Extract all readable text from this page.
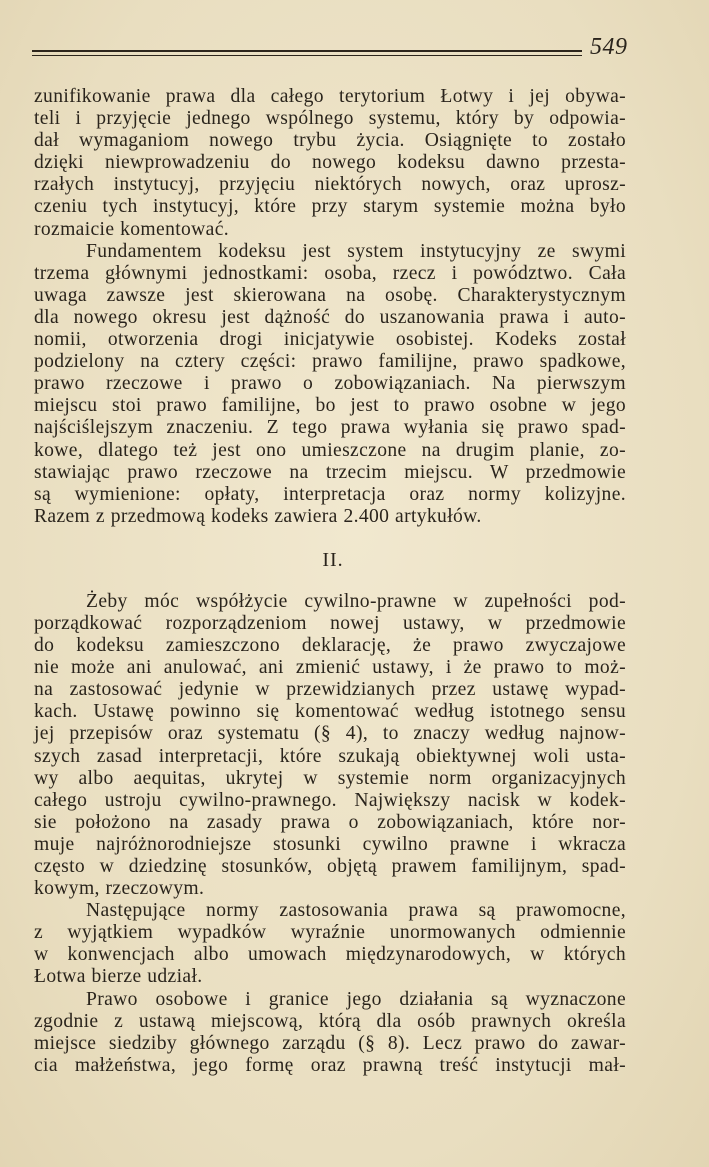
549
zunifikowanie prawa dla całego terytorium Łotwy i jej obywa-
teli i przyjęcie jednego wspólnego systemu, który by odpowia-
dał wymaganiom nowego trybu życia. Osiągnięte to zostało
dzięki niewprowadzeniu do nowego kodeksu dawno przesta-
rzałych instytucyj, przyjęciu niektórych nowych, oraz uprosz-
czeniu tych instytucyj, które przy starym systemie można było
rozmaicie komentować.
Fundamentem kodeksu jest system instytucyjny ze swymi
trzema głównymi jednostkami: osoba, rzecz i powództwo. Cała
uwaga zawsze jest skierowana na osobę. Charakterystycznym
dla nowego okresu jest dążność do uszanowania prawa i auto-
nomii, otworzenia drogi inicjatywie osobistej. Kodeks został
podzielony na cztery części: prawo familijne, prawo spadkowe,
prawo rzeczowe i prawo o zobowiązaniach. Na pierwszym
miejscu stoi prawo familijne, bo jest to prawo osobne w jego
najściślejszym znaczeniu. Z tego prawa wyłania się prawo spad-
kowe, dlatego też jest ono umieszczone na drugim planie, zo-
stawiając prawo rzeczowe na trzecim miejscu. W przedmowie
są wymienione: opłaty, interpretacja oraz normy kolizyjne.
Razem z przedmową kodeks zawiera 2.400 artykułów.
II.
Żeby móc współżycie cywilno-prawne w zupełności pod-
porządkować rozporządzeniom nowej ustawy, w przedmowie
do kodeksu zamieszczono deklarację, że prawo zwyczajowe
nie może ani anulować, ani zmienić ustawy, i że prawo to moż-
na zastosować jedynie w przewidzianych przez ustawę wypad-
kach. Ustawę powinno się komentować według istotnego sensu
jej przepisów oraz systematu (§ 4), to znaczy według najnow-
szych zasad interpretacji, które szukają obiektywnej woli usta-
wy albo aequitas, ukrytej w systemie norm organizacyjnych
całego ustroju cywilno-prawnego. Największy nacisk w kodek-
sie położono na zasady prawa o zobowiązaniach, które nor-
muje najróżnorodniejsze stosunki cywilno prawne i wkracza
często w dziedzinę stosunków, objętą prawem familijnym, spad-
kowym, rzeczowym.
Następujące normy zastosowania prawa są prawomocne,
z wyjątkiem wypadków wyraźnie unormowanych odmiennie
w konwencjach albo umowach międzynarodowych, w których
Łotwa bierze udział.
Prawo osobowe i granice jego działania są wyznaczone
zgodnie z ustawą miejscową, którą dla osób prawnych określa
miejsce siedziby głównego zarządu (§ 8). Lecz prawo do zawar-
cia małżeństwa, jego formę oraz prawną treść instytucji mał-
